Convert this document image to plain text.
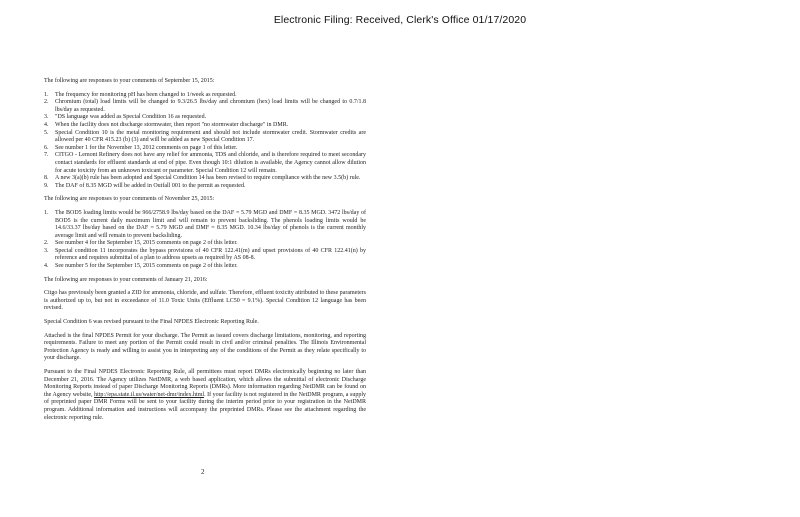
Electronic Filing: Received, Clerk's Office 01/17/2020

The following are responses to your comments of September 15, 2015:

1. The frequency for monitoring pH has been changed to 1/week as requested.
2. Chromium (total) load limits will be changed to 9.3/26.5 lbs/day and chromium (hex) load limits will be changed to 0.7/1.8 lbs/day as requested.
3. "DS language was added as Special Condition 16 as requested.
4. When the facility does not discharge stormwater, then report "no stormwater discharge" in DMR.
5. Special Condition 10 is the metal monitoring requirement and should not include stormwater credit. Stormwater credits are allowed per 40 CFR 415.23 (b) (3) and will be added as new Special Condition 17.
6. See number 1 for the November 13, 2012 comments on page 1 of this letter.
7. CITGO - Lemont Refinery does not have any relief for ammonia, TDS and chloride, and is therefore required to meet secondary contact standards for effluent standards at end of pipe. Even though 10:1 dilution is available, the Agency cannot allow dilution for acute toxicity from an unknown toxicant or parameter. Special Condition 12 will remain.
8. A new 3(a)(b) rule has been adopted and Special Condition 14 has been revised to require compliance with the new 3.5(b) rule.
9. The DAF of 8.35 MGD will be added in Outfall 001 to the permit as requested.

The following are responses to your comments of November 25, 2015:

1. The BOD5 loading limits would be 966/2758.9 lbs/day based on the DAF = 5.79 MGD and DMF = 8.35 MGD. 3472 lbs/day of BOD5 is the current daily maximum limit and will remain to prevent backsliding. The phenols loading limits would be 14.6/33.37 lbs/day based on the DAF = 5.79 MGD and DMF = 8.35 MGD. 10.34 lbs/day of phenols is the current monthly average limit and will remain to prevent backsliding.
2. See number 4 for the September 15, 2015 comments on page 2 of this letter.
3. Special condition 11 incorporates the bypass provisions of 40 CFR 122.41(m) and upset provisions of 40 CFR 122.41(n) by reference and requires submittal of a plan to address upsets as required by AS 08-8.
4. See number 5 for the September 15, 2015 comments on page 2 of this letter.

The following are responses to your comments of January 21, 2016:

Citgo has previously been granted a ZID for ammonia, chloride, and sulfate. Therefore, effluent toxicity attributed to these parameters is authorized up to, but not in exceedance of 11.0 Toxic Units (Effluent LC50 = 9.1%). Special Condition 12 language has been revised.

Special Condition 6 was revised pursuant to the Final NPDES Electronic Reporting Rule.

Attached is the final NPDES Permit for your discharge. The Permit as issued covers discharge limitations, monitoring, and reporting requirements. Failure to meet any portion of the Permit could result in civil and/or criminal penalties. The Illinois Environmental Protection Agency is ready and willing to assist you in interpreting any of the conditions of the Permit as they relate specifically to your discharge.

Pursuant to the Final NPDES Electronic Reporting Rule, all permittees must report DMRs electronically beginning no later than December 21, 2016. The Agency utilizes NetDMR, a web based application, which allows the submittal of electronic Discharge Monitoring Reports instead of paper Discharge Monitoring Reports (DMRs). More information regarding NetDMR can be found on the Agency website, http://epa.state.il.us/water/net-dmr/index.html. If your facility is not registered in the NetDMR program, a supply of preprinted paper DMR Forms will be sent to your facility during the interim period prior to your registration in the NetDMR program. Additional information and instructions will accompany the preprinted DMRs. Please see the attachment regarding the electronic reporting rule.

2
